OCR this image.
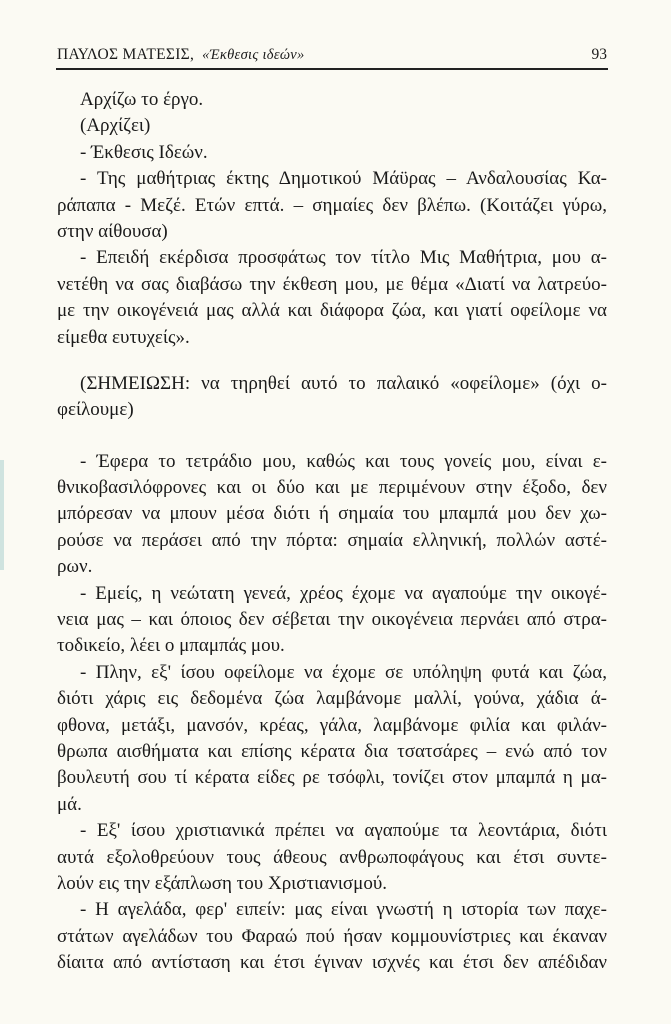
ΠΑΥΛΟΣ ΜΑΤΕΣΙΣ, «Έκθεσις ιδεών»	93
Αρχίζω το έργο.
(Αρχίζει)
- Έκθεσις Ιδεών.
- Της μαθήτριας έκτης Δημοτικού Μάϋρας – Ανδαλουσίας Κα-
ράπαπα - Μεζέ. Ετών επτά. – σημαίες δεν βλέπω. (Κοιτάζει γύρω,
στην αίθουσα)
- Επειδή εκέρδισα προσφάτως τον τίτλο Μις Μαθήτρια, μου α-
νετέθη να σας διαβάσω την έκθεση μου, με θέμα «Διατί να λατρεύο-
με την οικογένειά μας αλλά και διάφορα ζώα, και γιατί οφείλομε να
είμεθα ευτυχείς».
(ΣΗΜΕΙΩΣΗ: να τηρηθεί αυτό το παλαικό «οφείλομε» (όχι ο-
φείλουμε)
- Έφερα το τετράδιο μου, καθώς και τους γονείς μου, είναι ε-
θνικοβασιλόφρονες και οι δύο και με περιμένουν στην έξοδο, δεν
μπόρεσαν να μπουν μέσα διότι ή σημαία του μπαμπά μου δεν χω-
ρούσε να περάσει από την πόρτα: σημαία ελληνική, πολλών αστέ-
ρων.
- Εμείς, η νεώτατη γενεά, χρέος έχομε να αγαπούμε την οικογέ-
νεια μας – και όποιος δεν σέβεται την οικογένεια περνάει από στρα-
τοδικείο, λέει ο μπαμπάς μου.
- Πλην, εξ' ίσου οφείλομε να έχομε σε υπόληψη φυτά και ζώα,
διότι χάρις εις δεδομένα ζώα λαμβάνομε μαλλί, γούνα, χάδια ά-
φθονα, μετάξι, μανσόν, κρέας, γάλα, λαμβάνομε φιλία και φιλάν-
θρωπα αισθήματα και επίσης κέρατα δια τσατσάρες – ενώ από τον
βουλευτή σου τί κέρατα είδες ρε τσόφλι, τονίζει στον μπαμπά η μα-
μά.
- Εξ' ίσου χριστιανικά πρέπει να αγαπούμε τα λεοντάρια, διότι
αυτά εξολοθρεύουν τους άθεους ανθρωποφάγους και έτσι συντε-
λούν εις την εξάπλωση του Χριστιανισμού.
- Η αγελάδα, φερ' ειπείν: μας είναι γνωστή η ιστορία των παχε-
στάτων αγελάδων του Φαραώ πού ήσαν κομμουνίστριες και έκαναν
δίαιτα από αντίσταση και έτσι έγιναν ισχνές και έτσι δεν απέδιδαν
